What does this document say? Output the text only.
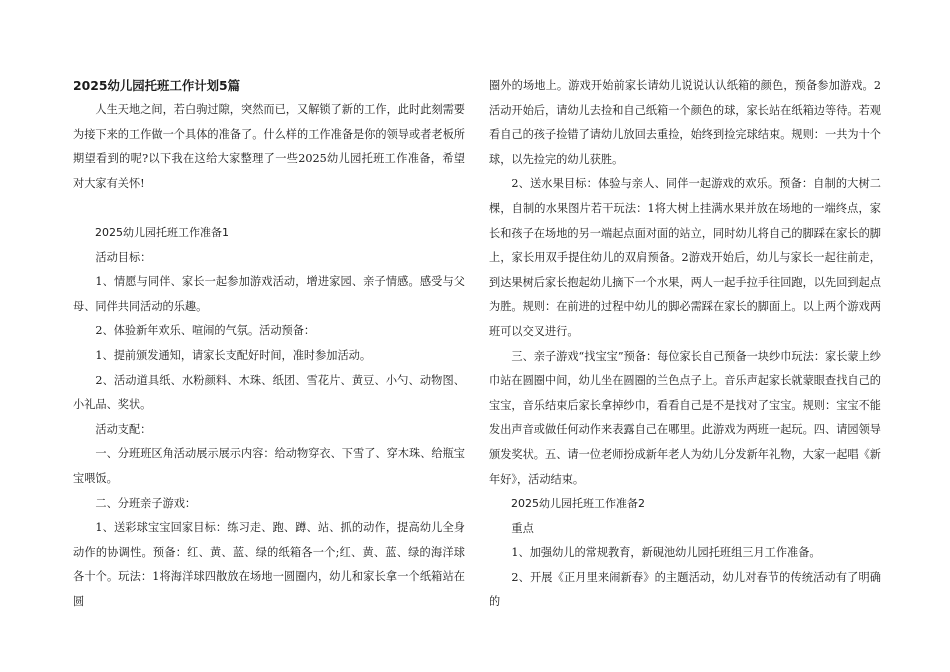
2025幼儿园托班工作计划5篇

人生天地之间，若白驹过隙，突然而已，又解锁了新的工作，此时此刻需要为接下来的工作做一个具体的准备了。什么样的工作准备是你的领导或者老板所期望看到的呢?以下我在这给大家整理了一些2025幼儿园托班工作准备，希望对大家有关怀!

2025幼儿园托班工作准备1

活动目标：

1、情愿与同伴、家长一起参加游戏活动，增进家园、亲子情感。感受与父母、同伴共同活动的乐趣。

2、体验新年欢乐、喧闹的气氛。活动预备：

1、提前颁发通知，请家长支配好时间，准时参加活动。

2、活动道具纸、水粉颜料、木珠、纸团、雪花片、黄豆、小勺、动物图、小礼品、奖状。

活动支配：

一、分班班区角活动展示展示内容：给动物穿衣、下雪了、穿木珠、给瓶宝宝喂饭。

二、分班亲子游戏：

1、送彩球宝宝回家目标：练习走、跑、蹲、站、抓的动作，提高幼儿全身动作的协调性。预备：红、黄、蓝、绿的纸箱各一个;红、黄、蓝、绿的海洋球各十个。玩法：1将海洋球四散放在场地一圆圈内，幼儿和家长拿一个纸箱站在圆

圈外的场地上。游戏开始前家长请幼儿说说认认纸箱的颜色，预备参加游戏。2活动开始后，请幼儿去捡和自己纸箱一个颜色的球，家长站在纸箱边等待。若观看自己的孩子捡错了请幼儿放回去重捡，始终到捡完球结束。规则：一共为十个球，以先捡完的幼儿获胜。

2、送水果目标：体验与亲人、同伴一起游戏的欢乐。预备：自制的大树二棵，自制的水果图片若干玩法：1将大树上挂满水果并放在场地的一端终点，家长和孩子在场地的另一端起点面对面的站立，同时幼儿将自己的脚踩在家长的脚上，家长用双手提住幼儿的双肩预备。2游戏开始后，幼儿与家长一起往前走，到达果树后家长抱起幼儿摘下一个水果，两人一起手拉手往回跑，以先回到起点为胜。规则：在前进的过程中幼儿的脚必需踩在家长的脚面上。以上两个游戏两班可以交叉进行。

三、亲子游戏“找宝宝”预备：每位家长自己预备一块纱巾玩法：家长蒙上纱巾站在圆圈中间，幼儿坐在圆圈的兰色点子上。音乐声起家长就蒙眼查找自己的宝宝，音乐结束后家长拿掉纱巾，看看自己是不是找对了宝宝。规则：宝宝不能发出声音或做任何动作来表露自己在哪里。此游戏为两班一起玩。四、请园领导颁发奖状。五、请一位老师扮成新年老人为幼儿分发新年礼物，大家一起唱《新年好》，活动结束。

2025幼儿园托班工作准备2

重点

1、加强幼儿的常规教育，新硯池幼儿园托班组三月工作准备。

2、开展《正月里来闹新春》的主题活动，幼儿对春节的传统活动有了明确的
